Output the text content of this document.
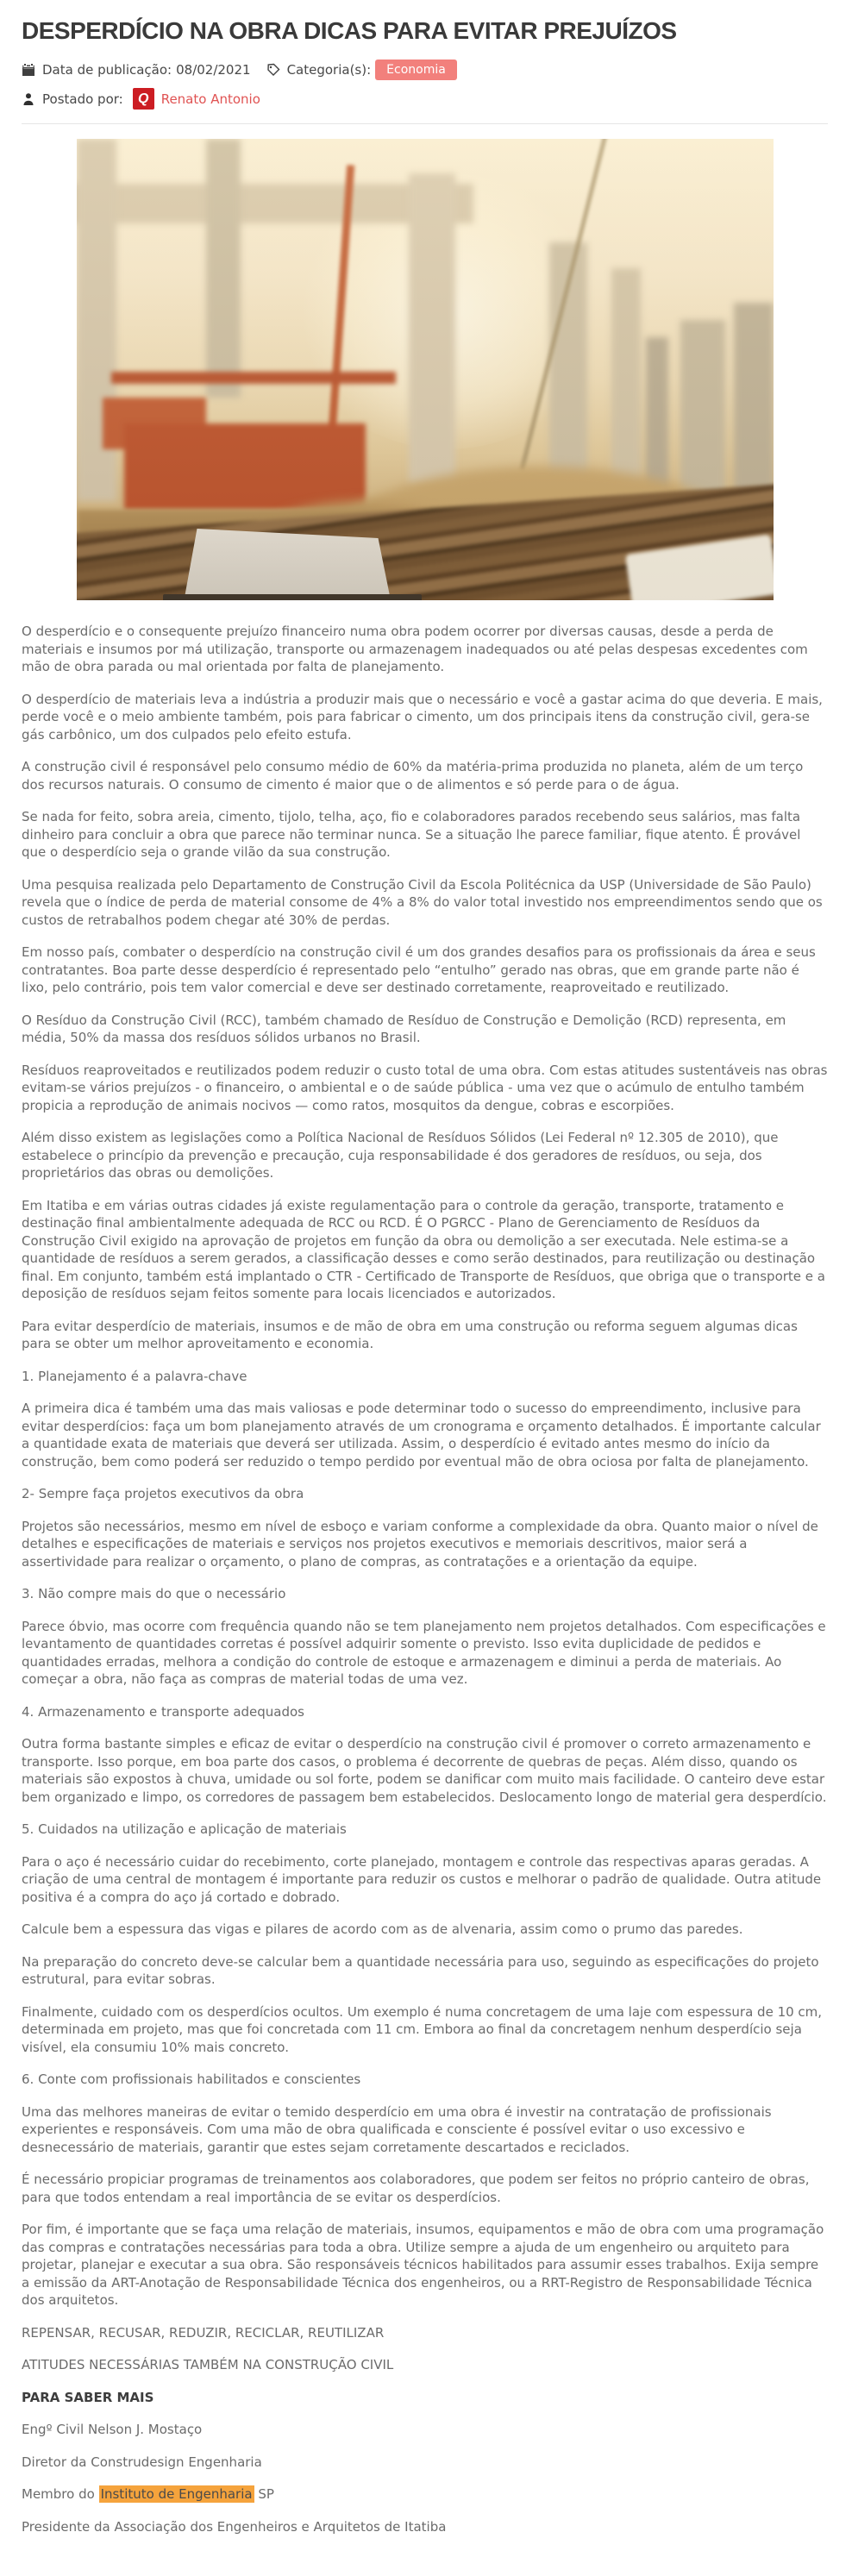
DESPERDÍCIO NA OBRA DICAS PARA EVITAR PREJUÍZOS
Data de publicação: 08/02/2021	Categoria(s):	Economia
Postado por:	Q Renato Antonio

O desperdício e o consequente prejuízo financeiro numa obra podem ocorrer por diversas causas, desde a perda de materiais e insumos por má utilização, transporte ou armazenagem inadequados ou até pelas despesas excedentes com mão de obra parada ou mal orientada por falta de planejamento.

O desperdício de materiais leva a indústria a produzir mais que o necessário e você a gastar acima do que deveria. E mais, perde você e o meio ambiente também, pois para fabricar o cimento, um dos principais itens da construção civil, gera-se gás carbônico, um dos culpados pelo efeito estufa.

A construção civil é responsável pelo consumo médio de 60% da matéria-prima produzida no planeta, além de um terço dos recursos naturais. O consumo de cimento é maior que o de alimentos e só perde para o de água.

Se nada for feito, sobra areia, cimento, tijolo, telha, aço, fio e colaboradores parados recebendo seus salários, mas falta dinheiro para concluir a obra que parece não terminar nunca. Se a situação lhe parece familiar, fique atento. É provável que o desperdício seja o grande vilão da sua construção.

Uma pesquisa realizada pelo Departamento de Construção Civil da Escola Politécnica da USP (Universidade de São Paulo) revela que o índice de perda de material consome de 4% a 8% do valor total investido nos empreendimentos sendo que os custos de retrabalhos podem chegar até 30% de perdas.

Em nosso país, combater o desperdício na construção civil é um dos grandes desafios para os profissionais da área e seus contratantes. Boa parte desse desperdício é representado pelo “entulho” gerado nas obras, que em grande parte não é lixo, pelo contrário, pois tem valor comercial e deve ser destinado corretamente, reaproveitado e reutilizado.

O Resíduo da Construção Civil (RCC), também chamado de Resíduo de Construção e Demolição (RCD) representa, em média, 50% da massa dos resíduos sólidos urbanos no Brasil.

Resíduos reaproveitados e reutilizados podem reduzir o custo total de uma obra. Com estas atitudes sustentáveis nas obras evitam-se vários prejuízos - o financeiro, o ambiental e o de saúde pública - uma vez que o acúmulo de entulho também propicia a reprodução de animais nocivos — como ratos, mosquitos da dengue, cobras e escorpiões.

Além disso existem as legislações como a Política Nacional de Resíduos Sólidos (Lei Federal nº 12.305 de 2010), que estabelece o princípio da prevenção e precaução, cuja responsabilidade é dos geradores de resíduos, ou seja, dos proprietários das obras ou demolições.

Em Itatiba e em várias outras cidades já existe regulamentação para o controle da geração, transporte, tratamento e destinação final ambientalmente adequada de RCC ou RCD. É O PGRCC - Plano de Gerenciamento de Resíduos da Construção Civil exigido na aprovação de projetos em função da obra ou demolição a ser executada. Nele estima-se a quantidade de resíduos a serem gerados, a classificação desses e como serão destinados, para reutilização ou destinação final. Em conjunto, também está implantado o CTR - Certificado de Transporte de Resíduos, que obriga que o transporte e a deposição de resíduos sejam feitos somente para locais licenciados e autorizados.

Para evitar desperdício de materiais, insumos e de mão de obra em uma construção ou reforma seguem algumas dicas para se obter um melhor aproveitamento e economia.

1. Planejamento é a palavra-chave

A primeira dica é também uma das mais valiosas e pode determinar todo o sucesso do empreendimento, inclusive para evitar desperdícios: faça um bom planejamento através de um cronograma e orçamento detalhados. É importante calcular a quantidade exata de materiais que deverá ser utilizada. Assim, o desperdício é evitado antes mesmo do início da construção, bem como poderá ser reduzido o tempo perdido por eventual mão de obra ociosa por falta de planejamento.

2- Sempre faça projetos executivos da obra

Projetos são necessários, mesmo em nível de esboço e variam conforme a complexidade da obra. Quanto maior o nível de detalhes e especificações de materiais e serviços nos projetos executivos e memoriais descritivos, maior será a assertividade para realizar o orçamento, o plano de compras, as contratações e a orientação da equipe.

3. Não compre mais do que o necessário

Parece óbvio, mas ocorre com frequência quando não se tem planejamento nem projetos detalhados. Com especificações e levantamento de quantidades corretas é possível adquirir somente o previsto. Isso evita duplicidade de pedidos e quantidades erradas, melhora a condição do controle de estoque e armazenagem e diminui a perda de materiais. Ao começar a obra, não faça as compras de material todas de uma vez.

4. Armazenamento e transporte adequados

Outra forma bastante simples e eficaz de evitar o desperdício na construção civil é promover o correto armazenamento e transporte. Isso porque, em boa parte dos casos, o problema é decorrente de quebras de peças. Além disso, quando os materiais são expostos à chuva, umidade ou sol forte, podem se danificar com muito mais facilidade. O canteiro deve estar bem organizado e limpo, os corredores de passagem bem estabelecidos. Deslocamento longo de material gera desperdício.

5. Cuidados na utilização e aplicação de materiais

Para o aço é necessário cuidar do recebimento, corte planejado, montagem e controle das respectivas aparas geradas. A criação de uma central de montagem é importante para reduzir os custos e melhorar o padrão de qualidade. Outra atitude positiva é a compra do aço já cortado e dobrado.

Calcule bem a espessura das vigas e pilares de acordo com as de alvenaria, assim como o prumo das paredes.

Na preparação do concreto deve-se calcular bem a quantidade necessária para uso, seguindo as especificações do projeto estrutural, para evitar sobras.

Finalmente, cuidado com os desperdícios ocultos. Um exemplo é numa concretagem de uma laje com espessura de 10 cm, determinada em projeto, mas que foi concretada com 11 cm. Embora ao final da concretagem nenhum desperdício seja visível, ela consumiu 10% mais concreto.

6. Conte com profissionais habilitados e conscientes

Uma das melhores maneiras de evitar o temido desperdício em uma obra é investir na contratação de profissionais experientes e responsáveis. Com uma mão de obra qualificada e consciente é possível evitar o uso excessivo e desnecessário de materiais, garantir que estes sejam corretamente descartados e reciclados.

É necessário propiciar programas de treinamentos aos colaboradores, que podem ser feitos no próprio canteiro de obras, para que todos entendam a real importância de se evitar os desperdícios.

Por fim, é importante que se faça uma relação de materiais, insumos, equipamentos e mão de obra com uma programação das compras e contratações necessárias para toda a obra. Utilize sempre a ajuda de um engenheiro ou arquiteto para projetar, planejar e executar a sua obra. São responsáveis técnicos habilitados para assumir esses trabalhos. Exija sempre a emissão da ART-Anotação de Responsabilidade Técnica dos engenheiros, ou a RRT-Registro de Responsabilidade Técnica dos arquitetos.

REPENSAR, RECUSAR, REDUZIR, RECICLAR, REUTILIZAR

ATITUDES NECESSÁRIAS TAMBÉM NA CONSTRUÇÃO CIVIL

PARA SABER MAIS

Engº Civil Nelson J. Mostaço

Diretor da Construdesign Engenharia

Membro do Instituto de Engenharia SP

Presidente da Associação dos Engenheiros e Arquitetos de Itatiba
